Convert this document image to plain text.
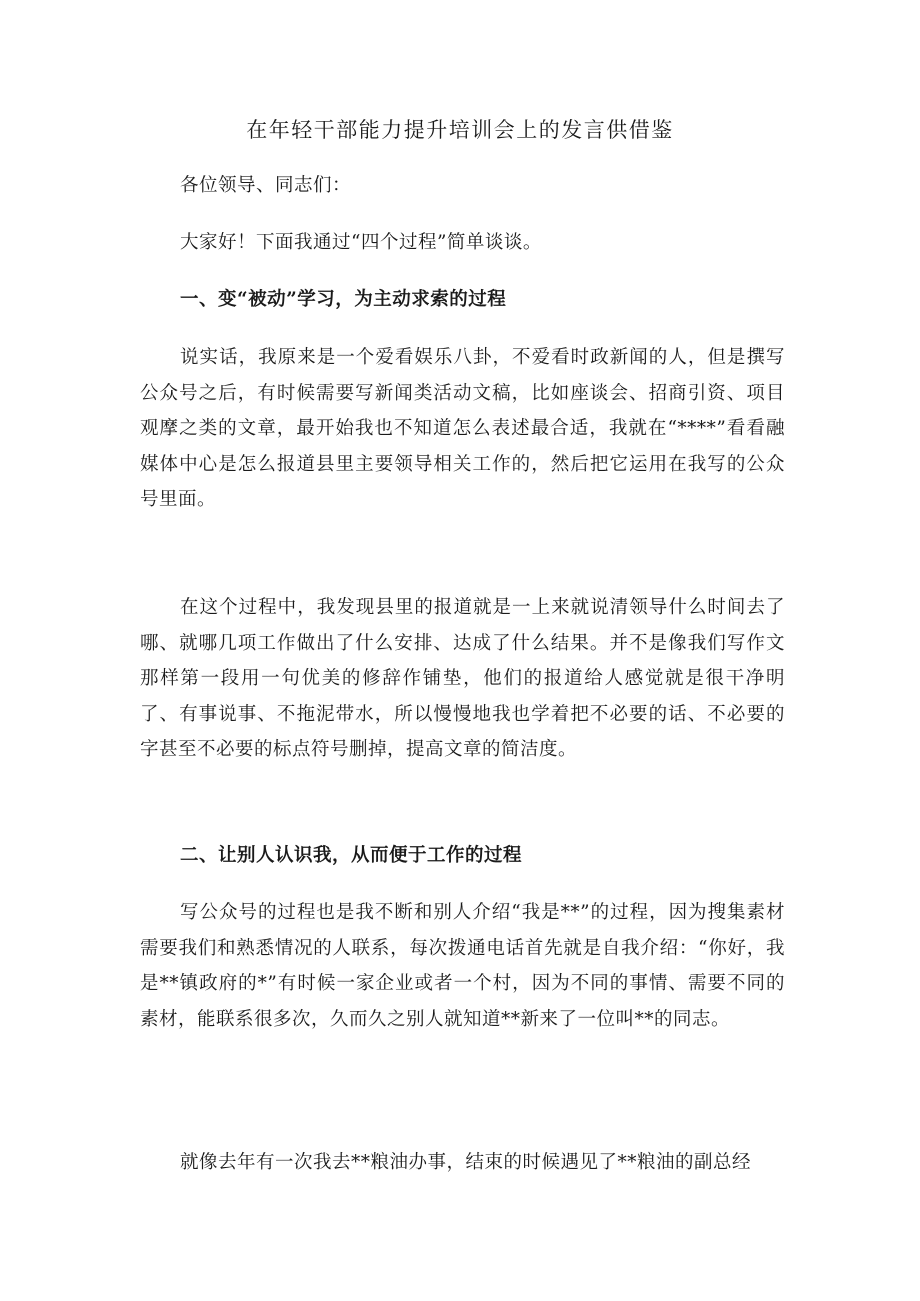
在年轻干部能力提升培训会上的发言供借鉴

各位领导、同志们：

大家好！下面我通过“四个过程”简单谈谈。

一、变“被动”学习，为主动求索的过程

说实话，我原来是一个爱看娱乐八卦，不爱看时政新闻的人，但是撰写公众号之后，有时候需要写新闻类活动文稿，比如座谈会、招商引资、项目观摩之类的文章，最开始我也不知道怎么表述最合适，我就在“****”看看融媒体中心是怎么报道县里主要领导相关工作的，然后把它运用在我写的公众号里面。

在这个过程中，我发现县里的报道就是一上来就说清领导什么时间去了哪、就哪几项工作做出了什么安排、达成了什么结果。并不是像我们写作文那样第一段用一句优美的修辞作铺垫，他们的报道给人感觉就是很干净明了、有事说事、不拖泥带水，所以慢慢地我也学着把不必要的话、不必要的字甚至不必要的标点符号删掉，提高文章的简洁度。

二、让别人认识我，从而便于工作的过程

写公众号的过程也是我不断和别人介绍“我是**”的过程，因为搜集素材需要我们和熟悉情况的人联系，每次拨通电话首先就是自我介绍：“你好，我是**镇政府的*”有时候一家企业或者一个村，因为不同的事情、需要不同的素材，能联系很多次，久而久之别人就知道**新来了一位叫**的同志。

就像去年有一次我去**粮油办事，结束的时候遇见了**粮油的副总经
